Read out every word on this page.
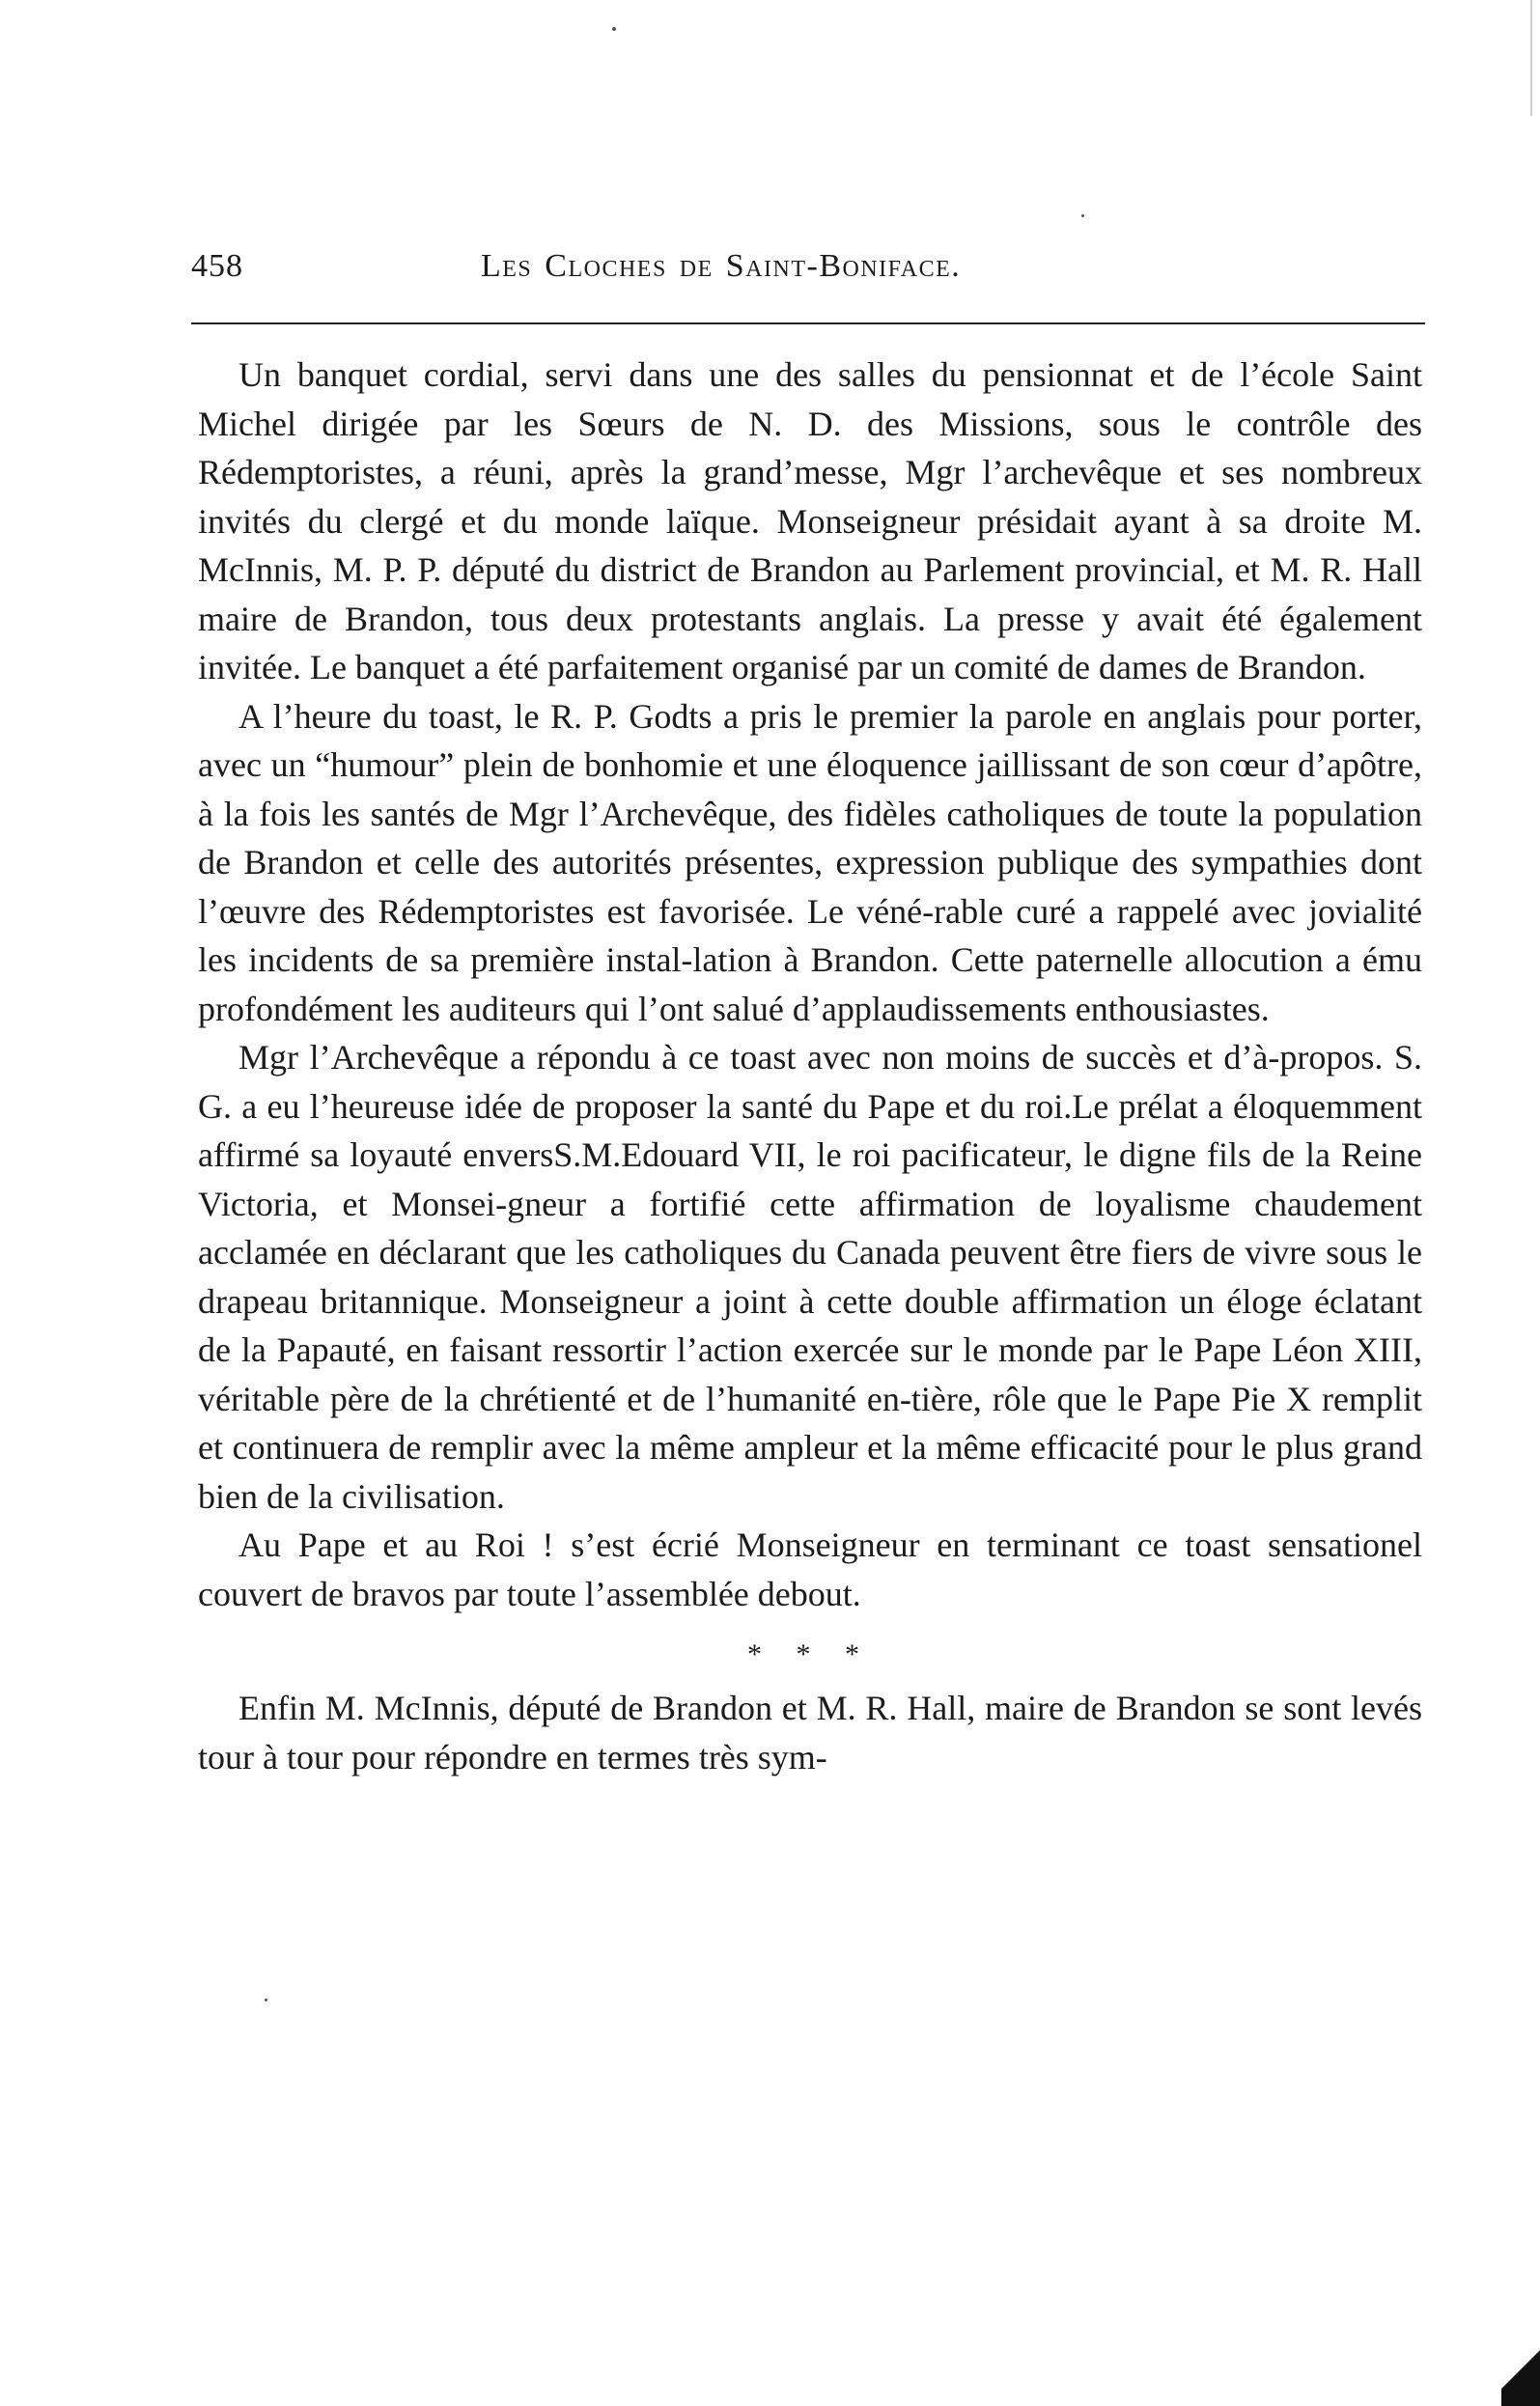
458	Les Cloches de Saint-Boniface.

Un banquet cordial, servi dans une des salles du pensionnat et de l’école Saint Michel dirigée par les Sœurs de N. D. des Missions, sous le contrôle des Rédemptoristes, a réuni, après la grand’messe, Mgr l’archevêque et ses nombreux invités du clergé et du monde laïque. Monseigneur présidait ayant à sa droite M. McInnis, M. P. P. député du district de Brandon au Parlement provincial, et M. R. Hall maire de Brandon, tous deux protestants anglais. La presse y avait été également invitée. Le banquet a été parfaitement organisé par un comité de dames de Brandon.

A l’heure du toast, le R. P. Godts a pris le premier la parole en anglais pour porter, avec un “humour” plein de bonhomie et une éloquence jaillissant de son cœur d’apôtre, à la fois les santés de Mgr l’Archevêque, des fidèles catholiques de toute la population de Brandon et celle des autorités présentes, expression publique des sympathies dont l’œuvre des Rédemptoristes est favorisée. Le véné-rable curé a rappelé avec jovialité les incidents de sa première instal-lation à Brandon. Cette paternelle allocution a ému profondément les auditeurs qui l’ont salué d’applaudissements enthousiastes.

Mgr l’Archevêque a répondu à ce toast avec non moins de succès et d’à-propos. S. G. a eu l’heureuse idée de proposer la santé du Pape et du roi.Le prélat a éloquemment affirmé sa loyauté enversS.M.Edouard VII, le roi pacificateur, le digne fils de la Reine Victoria, et Monsei-gneur a fortifié cette affirmation de loyalisme chaudement acclamée en déclarant que les catholiques du Canada peuvent être fiers de vivre sous le drapeau britannique. Monseigneur a joint à cette double affirmation un éloge éclatant de la Papauté, en faisant ressortir l’action exercée sur le monde par le Pape Léon XIII, véritable père de la chrétienté et de l’humanité en-tière, rôle que le Pape Pie X remplit et continuera de remplir avec la même ampleur et la même efficacité pour le plus grand bien de la civilisation.

Au Pape et au Roi ! s’est écrié Monseigneur en terminant ce toast sensationel couvert de bravos par toute l’assemblée debout.

* * *

Enfin M. McInnis, député de Brandon et M. R. Hall, maire de Brandon se sont levés tour à tour pour répondre en termes très sym-
